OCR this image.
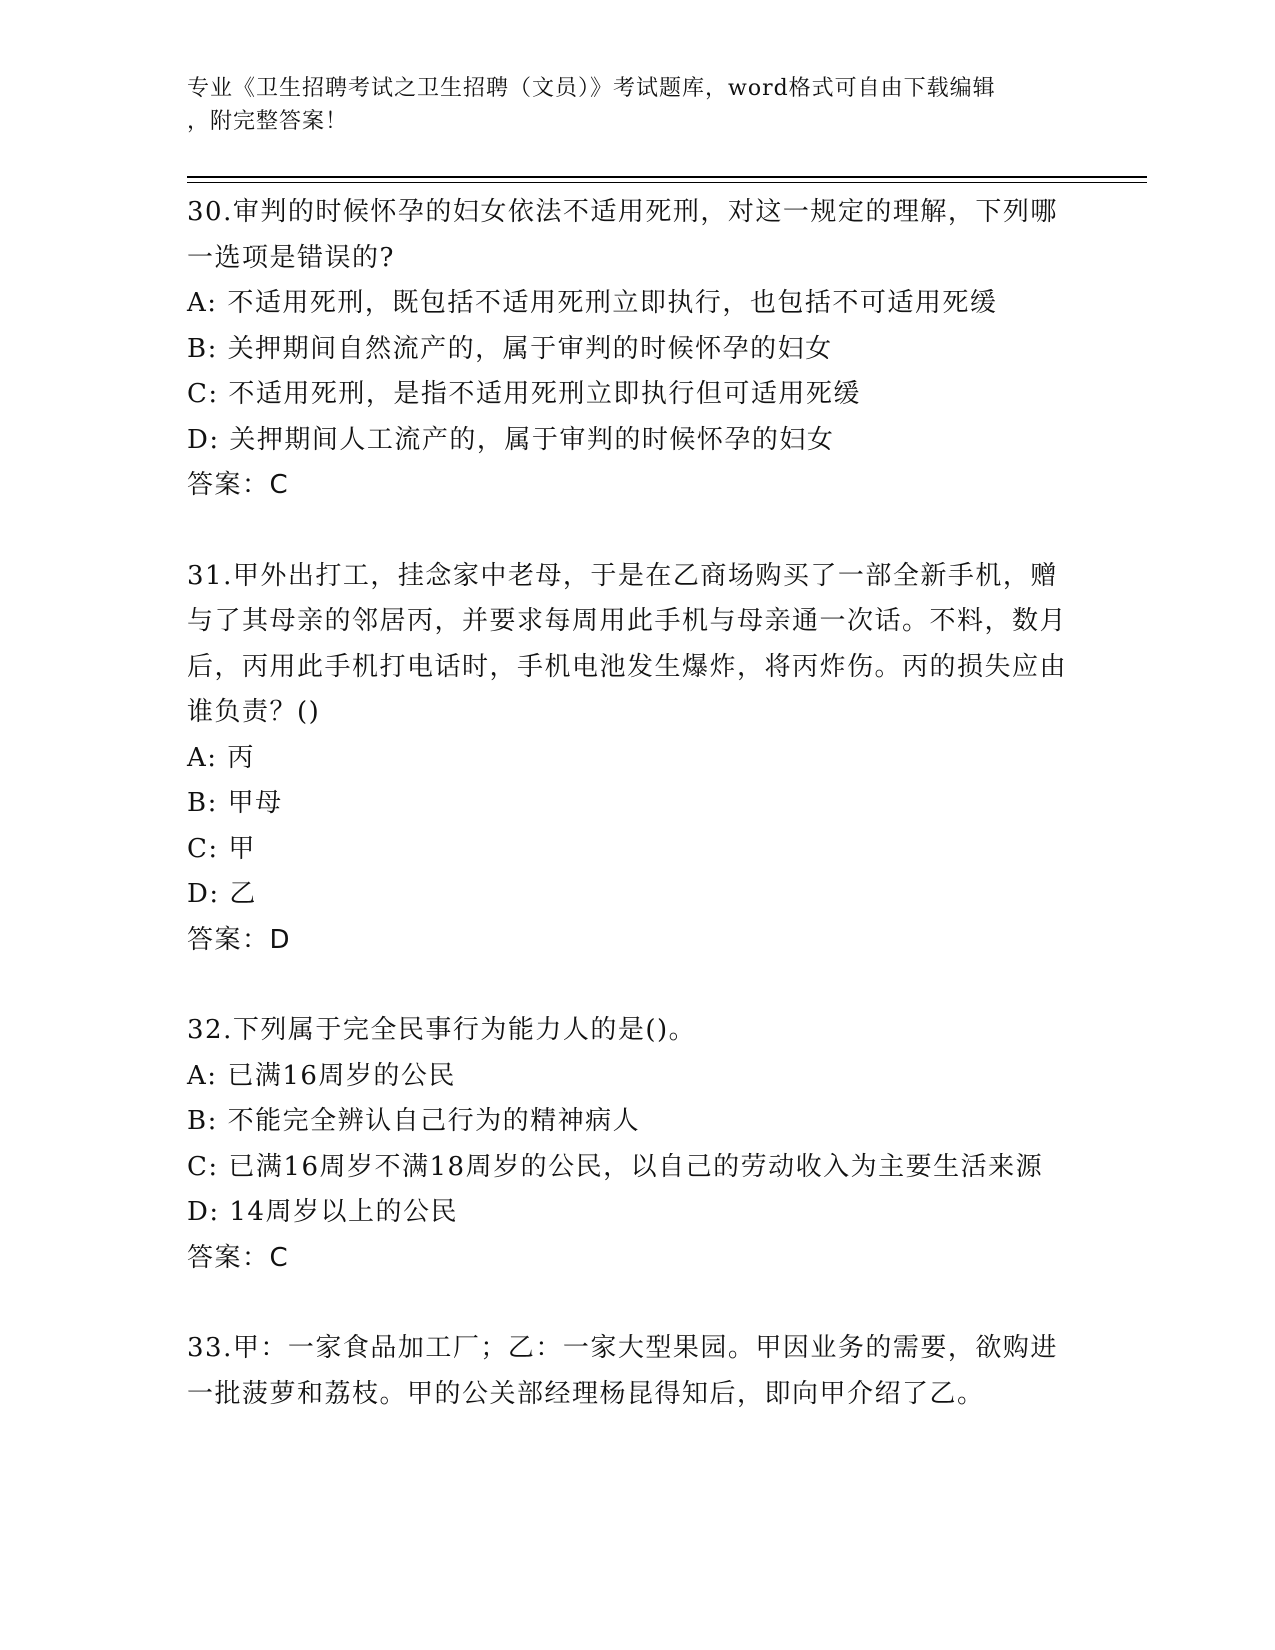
专业《卫生招聘考试之卫生招聘（文员）》考试题库，word格式可自由下载编辑
，附完整答案！

30.审判的时候怀孕的妇女依法不适用死刑，对这一规定的理解，下列哪一选项是错误的?

A: 不适用死刑，既包括不适用死刑立即执行，也包括不可适用死缓

B: 关押期间自然流产的，属于审判的时候怀孕的妇女

C: 不适用死刑，是指不适用死刑立即执行但可适用死缓

D: 关押期间人工流产的，属于审判的时候怀孕的妇女

答案：C

31.甲外出打工，挂念家中老母，于是在乙商场购买了一部全新手机，赠与了其母亲的邻居丙，并要求每周用此手机与母亲通一次话。不料，数月后，丙用此手机打电话时，手机电池发生爆炸，将丙炸伤。丙的损失应由谁负责？()

A: 丙

B: 甲母

C: 甲

D: 乙

答案：D

32.下列属于完全民事行为能力人的是()。

A: 已满16周岁的公民

B: 不能完全辨认自己行为的精神病人

C: 已满16周岁不满18周岁的公民，以自己的劳动收入为主要生活来源

D: 14周岁以上的公民

答案：C

33.甲：一家食品加工厂；乙：一家大型果园。甲因业务的需要，欲购进一批菠萝和荔枝。甲的公关部经理杨昆得知后，即向甲介绍了乙。
